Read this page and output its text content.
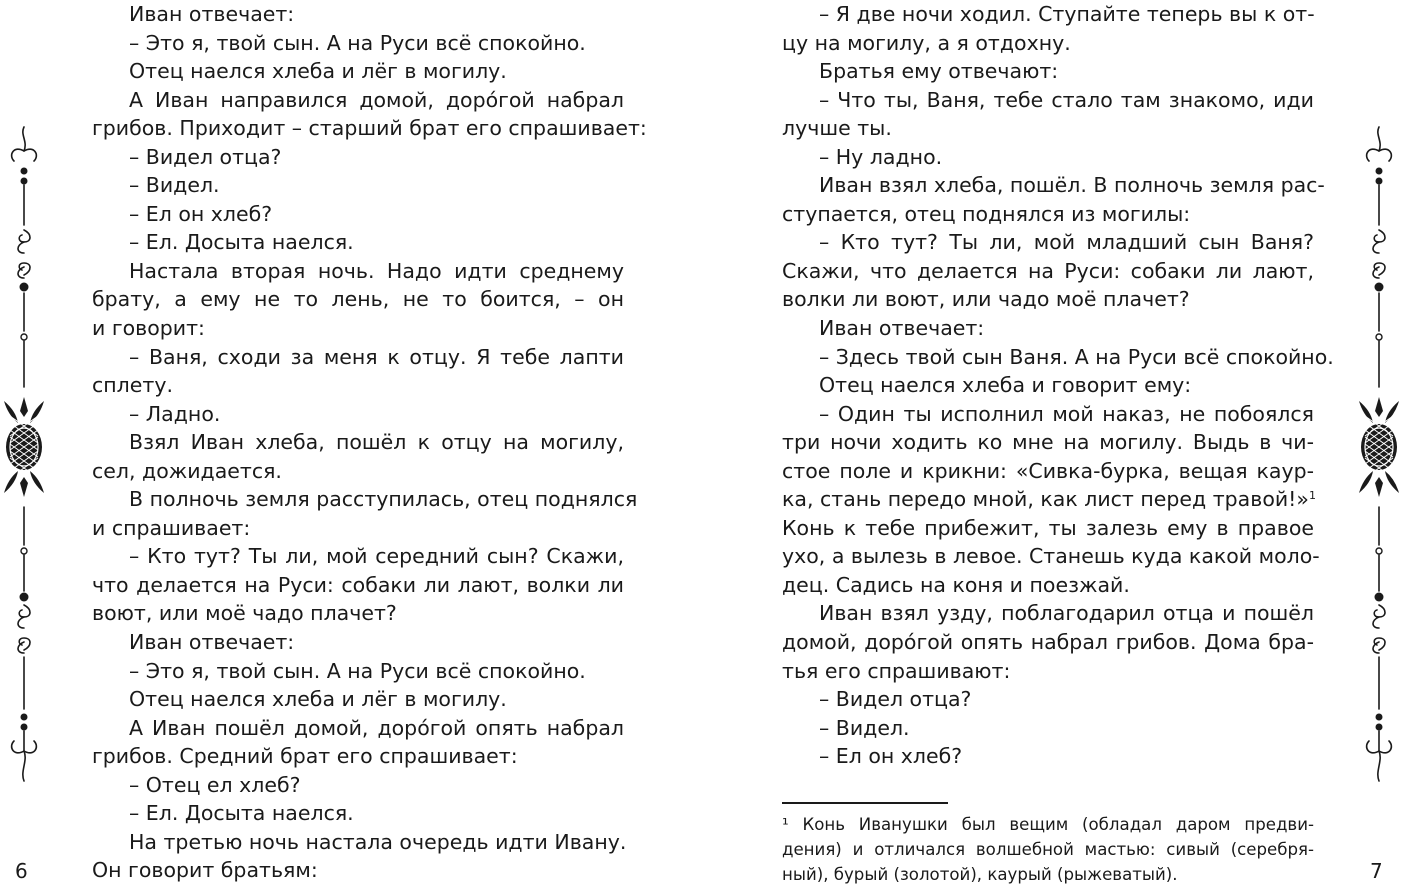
Иван отвечает:
– Это я, твой сын. А на Руси всё спокойно.
Отец наелся хлеба и лёг в могилу.
А Иван направился домой, доро́гой набрал
грибов. Приходит – старший брат его спрашивает:
– Видел отца?
– Видел.
– Ел он хлеб?
– Ел. Досыта наелся.
Настала вторая ночь. Надо идти среднему
брату, а ему не то лень, не то боится, – он
и говорит:
– Ваня, сходи за меня к отцу. Я тебе лапти
сплету.
– Ладно.
Взял Иван хлеба, пошёл к отцу на могилу,
сел, дожидается.
В полночь земля расступилась, отец поднялся
и спрашивает:
– Кто тут? Ты ли, мой середний сын? Скажи,
что делается на Руси: собаки ли лают, волки ли
воют, или моё чадо плачет?
Иван отвечает:
– Это я, твой сын. А на Руси всё спокойно.
Отец наелся хлеба и лёг в могилу.
А Иван пошёл домой, доро́гой опять набрал
грибов. Средний брат его спрашивает:
– Отец ел хлеб?
– Ел. Досыта наелся.
На третью ночь настала очередь идти Ивану.
Он говорит братьям:
6
– Я две ночи ходил. Ступайте теперь вы к от-
цу на могилу, а я отдохну.
Братья ему отвечают:
– Что ты, Ваня, тебе стало там знакомо, иди
лучше ты.
– Ну ладно.
Иван взял хлеба, пошёл. В полночь земля рас-
ступается, отец поднялся из могилы:
– Кто тут? Ты ли, мой младший сын Ваня?
Скажи, что делается на Руси: собаки ли лают,
волки ли воют, или чадо моё плачет?
Иван отвечает:
– Здесь твой сын Ваня. А на Руси всё спокойно.
Отец наелся хлеба и говорит ему:
– Один ты исполнил мой наказ, не побоялся
три ночи ходить ко мне на могилу. Выдь в чи-
стое поле и крикни: «Сивка-бурка, вещая каур-
ка, стань передо мной, как лист перед травой!»$^1$
Конь к тебе прибежит, ты залезь ему в правое
ухо, а вылезь в левое. Станешь куда какой моло-
дец. Садись на коня и поезжай.
Иван взял узду, поблагодарил отца и пошёл
домой, доро́гой опять набрал грибов. Дома бра-
тья его спрашивают:
– Видел отца?
– Видел.
– Ел он хлеб?
¹ Конь Иванушки был вещим (обладал даром предви-
дения) и отличался волшебной мастью: сивый (серебря-
ный), бурый (золотой), каурый (рыжеватый).	7
